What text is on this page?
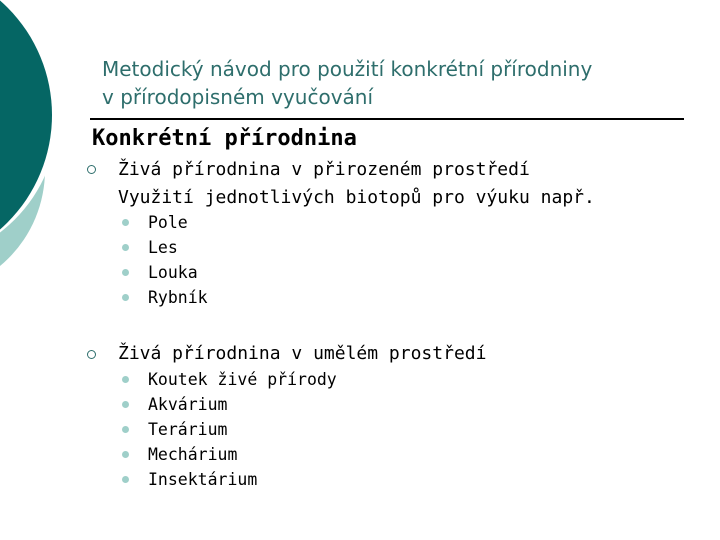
Metodický návod pro použití konkrétní přírodniny
v přírodopisném vyučování
Konkrétní přírodnina
Živá přírodnina v přirozeném prostředí
Využití jednotlivých biotopů pro výuku např.
Pole
Les
Louka
Rybník
Živá přírodnina v umělém prostředí
Koutek živé přírody
Akvárium
Terárium
Mechárium
Insektárium
